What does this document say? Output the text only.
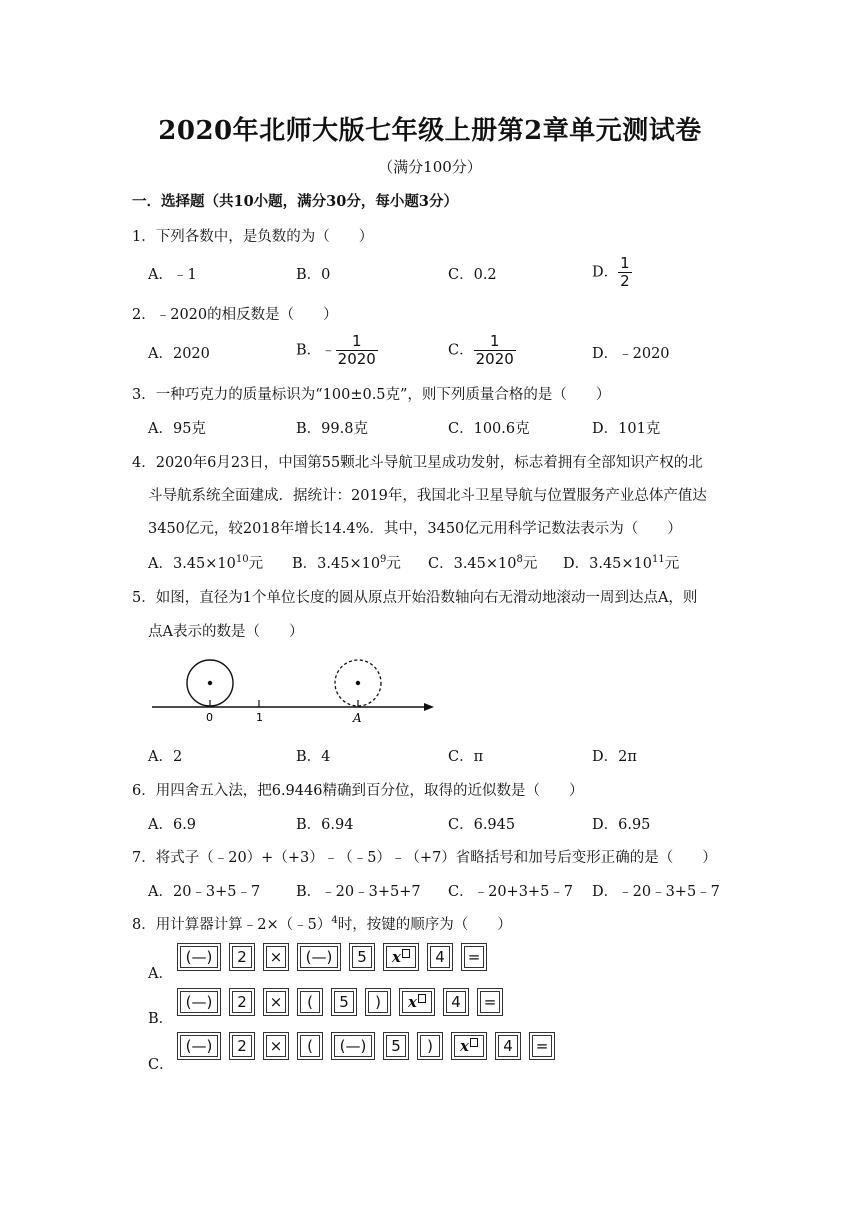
2020年北师大版七年级上册第2章单元测试卷
（满分100分）
一．选择题（共10小题，满分30分，每小题3分）
1．下列各数中，是负数的为（　　）
A．﹣1	B．0	C．0.2	D． $\frac{1}{2}$
2．﹣2020的相反数是（　　）
A．2020	B．﹣ $\frac{1}{2020}$	C． $\frac{1}{2020}$	D．﹣2020
3．一种巧克力的质量标识为“100±0.5克”，则下列质量合格的是（　　）
A．95克	B．99.8克	C．100.6克	D．101克
4．2020年6月23日，中国第55颗北斗导航卫星成功发射，标志着拥有全部知识产权的北
斗导航系统全面建成．据统计：2019年，我国北斗卫星导航与位置服务产业总体产值达
3450亿元，较2018年增长14.4%．其中，3450亿元用科学记数法表示为（　　）
A．$3.45\times 10^{10}$元 B．$3.45\times 10^9$元 C．$3.45\times 10^8$元 D．$3.45\times 10^{11}$元
5．如图，直径为1个单位长度的圆从原点开始沿数轴向右无滑动地滚动一周到达点A，则
点A表示的数是（　　）
0	1	A
A．2	B．4	C．π	D．2π
6．用四舍五入法，把6.9446精确到百分位，取得的近似数是（　　）
A．6.9	B．6.94	C．6.945	D．6.95
7．将式子（﹣20）+（+3）﹣（﹣5）﹣（+7）省略括号和加号后变形正确的是（　　）
A．20﹣3+5﹣7 B．﹣20﹣3+5+7 C．﹣20+3+5﹣7 D．﹣20﹣3+5﹣7
8．用计算器计算﹣2×（﹣5）$^4$时，按键的顺序为（　　）
A．
(—)	2	×	(—)	5	x	4	=
B．
(—)	2	×	(	5	)	x	4	=
C．
(—)	2	×	(	(—)	5	)	x	4	=
